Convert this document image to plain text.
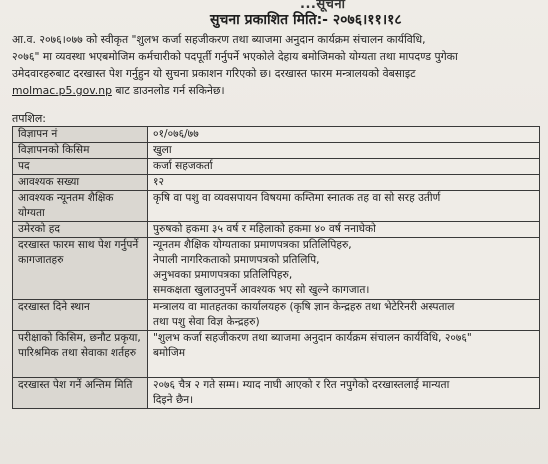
...सूचना
सुचना प्रकाशित मिति:- २०७६।११।१८

आ.व. २०७६।०७७ को स्वीकृत "शुलभ कर्जा सहजीकरण तथा ब्याजमा अनुदान कार्यक्रम संचालन कार्यविधि,

२०७६" मा व्यवस्था भएबमोजिम कर्मचारीको पदपूर्ती गर्नुपर्ने भएकोले देहाय बमोजिमको योग्यता तथा मापदण्ड पुगेका

उमेदवारहरुबाट दरखास्त पेश गर्नुहुन यो सुचना प्रकाशन गरिएको छ। दरखास्त फारम मन्त्रालयको वेबसाइट

molmac.p5.gov.np बाट डाउनलोड गर्न सकिनेछ।

तपशिल:
विज्ञापन नं	०१/०७६/७७

विज्ञापनको किसिम	खुला

पद	कर्जा सहजकर्ता

आवश्यक सख्या	१२

आवश्यक न्यूनतम शैक्षिक योग्यता	कृषि वा पशु वा व्यवसपायन विषयमा कम्तिमा स्नातक तह वा सो सरह उतीर्ण

उमेरको हद	पुरुषको हकमा ३५ वर्ष र महिलाको हकमा ४० वर्ष ननाघेको

दरखास्त फारम साथ पेश गर्नुपर्ने कागजातहरु	न्यूनतम शैक्षिक योग्यताका प्रमाणपत्रका प्रतिलिपिहरु,
नेपाली नागरिकताको प्रमाणपत्रको प्रतिलिपि,
अनुभवका प्रमाणपत्रका प्रतिलिपिहरु,
समकक्षता खुलाउनुपर्ने आवश्यक भए सो खुल्ने कागजात।

दरखास्त दिने स्थान	मन्त्रालय वा मातहतका कार्यालयहरु (कृषि ज्ञान केन्द्रहरु तथा भेटेरिनरी अस्पताल
तथा पशु सेवा विज्ञ केन्द्रहरु)

परीक्षाको किसिम, छनौट प्रकृया, पारिश्रमिक तथा सेवाका शर्तहरु	"शुलभ कर्जा सहजीकरण तथा ब्याजमा अनुदान कार्यक्रम संचालन कार्यविधि, २०७६"
बमोजिम

दरखास्त पेश गर्ने अन्तिम मिति	२०७६ चैत्र २ गते सम्म। म्याद नाघी आएको र रित नपुगेको दरखास्तलाई मान्यता
दिइने छैन।
